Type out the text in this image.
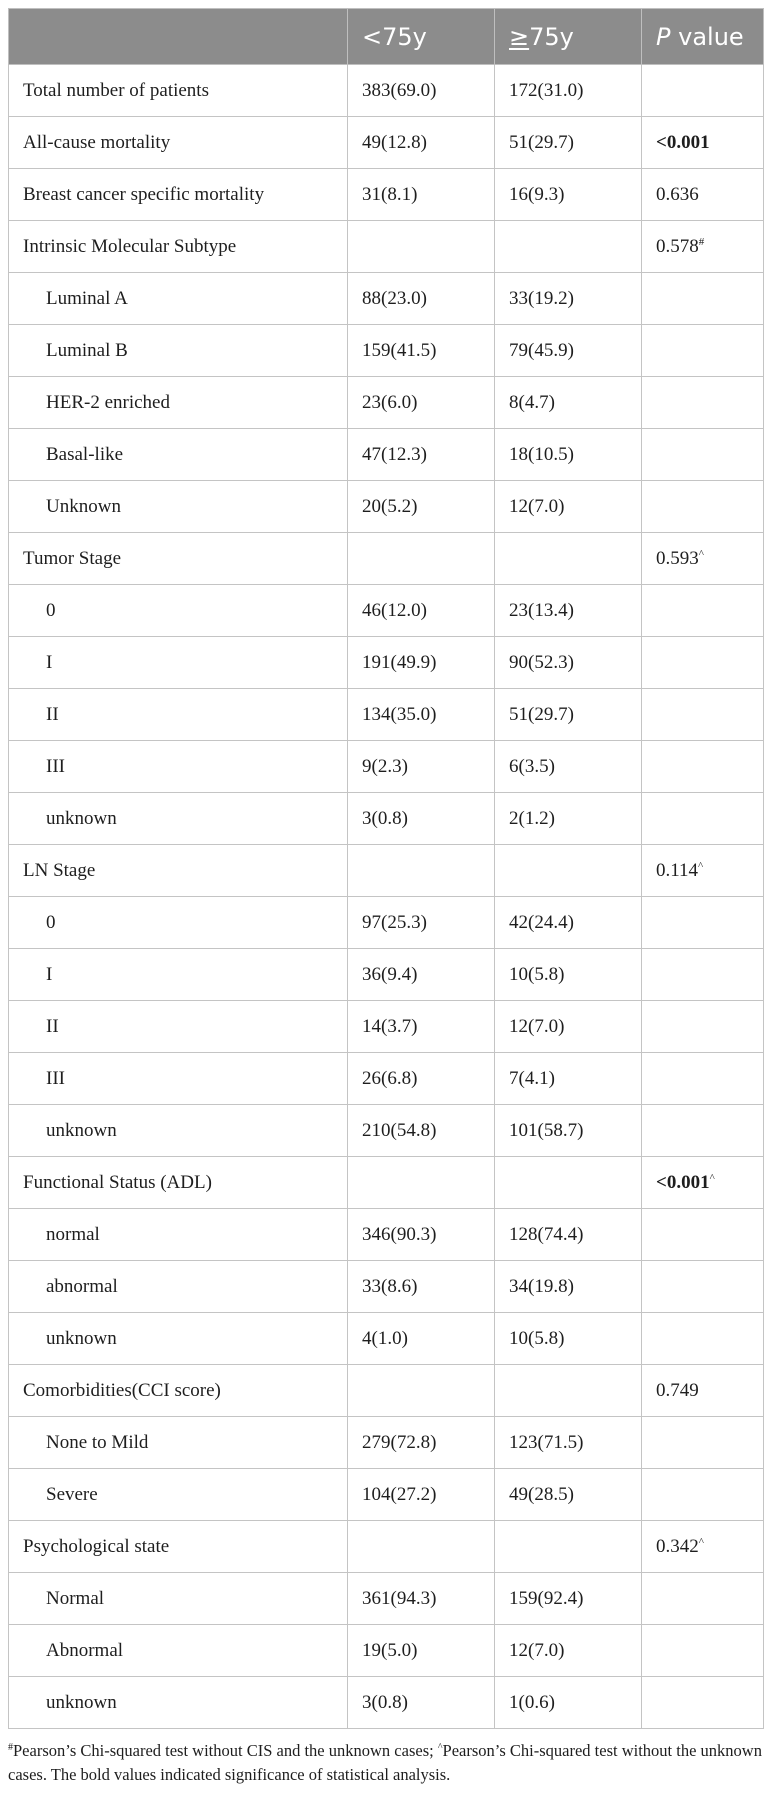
	<75y	≥75y	P value
Total number of patients	383(69.0)	172(31.0)	
All-cause mortality	49(12.8)	51(29.7)	<0.001
Breast cancer specific mortality	31(8.1)	16(9.3)	0.636
Intrinsic Molecular Subtype			0.578#
Luminal A	88(23.0)	33(19.2)	
Luminal B	159(41.5)	79(45.9)	
HER-2 enriched	23(6.0)	8(4.7)	
Basal-like	47(12.3)	18(10.5)	
Unknown	20(5.2)	12(7.0)	
Tumor Stage			0.593^
0	46(12.0)	23(13.4)	
I	191(49.9)	90(52.3)	
II	134(35.0)	51(29.7)	
III	9(2.3)	6(3.5)	
unknown	3(0.8)	2(1.2)	
LN Stage			0.114^
0	97(25.3)	42(24.4)	
I	36(9.4)	10(5.8)	
II	14(3.7)	12(7.0)	
III	26(6.8)	7(4.1)	
unknown	210(54.8)	101(58.7)	
Functional Status (ADL)			<0.001^
normal	346(90.3)	128(74.4)	
abnormal	33(8.6)	34(19.8)	
unknown	4(1.0)	10(5.8)	
Comorbidities(CCI score)			0.749
None to Mild	279(72.8)	123(71.5)	
Severe	104(27.2)	49(28.5)	
Psychological state			0.342^
Normal	361(94.3)	159(92.4)	
Abnormal	19(5.0)	12(7.0)	
unknown	3(0.8)	1(0.6)	
#Pearson’s Chi-squared test without CIS and the unknown cases; ^Pearson’s Chi-squared test without the unknown cases. The bold values indicated significance of statistical analysis.
